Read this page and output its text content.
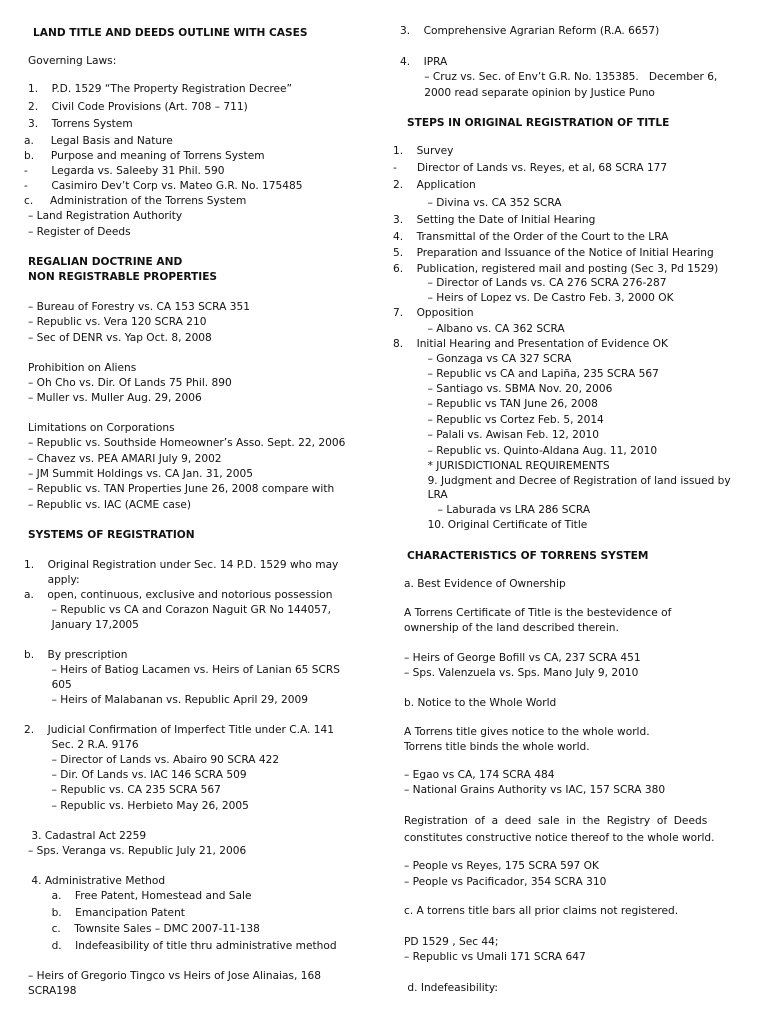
LAND TITLE AND DEEDS OUTLINE WITH CASES
Governing Laws:
1.    P.D. 1529 “The Property Registration Decree”
2.    Civil Code Provisions (Art. 708 – 711)
3.    Torrens System
a.     Legal Basis and Nature
b.     Purpose and meaning of Torrens System
-       Legarda vs. Saleeby 31 Phil. 590
-       Casimiro Dev’t Corp vs. Mateo G.R. No. 175485
c.     Administration of the Torrens System
– Land Registration Authority
– Register of Deeds
REGALIAN DOCTRINE AND
NON REGISTRABLE PROPERTIES
– Bureau of Forestry vs. CA 153 SCRA 351
– Republic vs. Vera 120 SCRA 210
– Sec of DENR vs. Yap Oct. 8, 2008
Prohibition on Aliens
– Oh Cho vs. Dir. Of Lands 75 Phil. 890
– Muller vs. Muller Aug. 29, 2006
Limitations on Corporations
– Republic vs. Southside Homeowner’s Asso. Sept. 22, 2006
– Chavez vs. PEA AMARI July 9, 2002
– JM Summit Holdings vs. CA Jan. 31, 2005
– Republic vs. TAN Properties June 26, 2008 compare with
– Republic vs. IAC (ACME case)
SYSTEMS OF REGISTRATION
1.    Original Registration under Sec. 14 P.D. 1529 who may
apply:
a.    open, continuous, exclusive and notorious possession
– Republic vs CA and Corazon Naguit GR No 144057,
January 17,2005
b.    By prescription
– Heirs of Batiog Lacamen vs. Heirs of Lanian 65 SCRS
605
– Heirs of Malabanan vs. Republic April 29, 2009
2.    Judicial Confirmation of Imperfect Title under C.A. 141
Sec. 2 R.A. 9176
– Director of Lands vs. Abairo 90 SCRA 422
– Dir. Of Lands vs. IAC 146 SCRA 509
– Republic vs. CA 235 SCRA 567
– Republic vs. Herbieto May 26, 2005
3. Cadastral Act 2259
– Sps. Veranga vs. Republic July 21, 2006
4. Administrative Method
a.    Free Patent, Homestead and Sale
b.    Emancipation Patent
c.    Townsite Sales – DMC 2007-11-138
d.    Indefeasibility of title thru administrative method
– Heirs of Gregorio Tingco vs Heirs of Jose Alinaias, 168
SCRA198
3.    Comprehensive Agrarian Reform (R.A. 6657)
4.    IPRA
– Cruz vs. Sec. of Env’t G.R. No. 135385.   December 6,
2000 read separate opinion by Justice Puno
STEPS IN ORIGINAL REGISTRATION OF TITLE
1.    Survey
-      Director of Lands vs. Reyes, et al, 68 SCRA 177
2.    Application
– Divina vs. CA 352 SCRA
3.    Setting the Date of Initial Hearing
4.    Transmittal of the Order of the Court to the LRA
5.    Preparation and Issuance of the Notice of Initial Hearing
6.    Publication, registered mail and posting (Sec 3, Pd 1529)
– Director of Lands vs. CA 276 SCRA 276-287
– Heirs of Lopez vs. De Castro Feb. 3, 2000 OK
7.    Opposition
– Albano vs. CA 362 SCRA
8.    Initial Hearing and Presentation of Evidence OK
– Gonzaga vs CA 327 SCRA
– Republic vs CA and Lapiña, 235 SCRA 567
– Santiago vs. SBMA Nov. 20, 2006
– Republic vs TAN June 26, 2008
– Republic vs Cortez Feb. 5, 2014
– Palali vs. Awisan Feb. 12, 2010
– Republic vs. Quinto-Aldana Aug. 11, 2010
* JURISDICTIONAL REQUIREMENTS
9. Judgment and Decree of Registration of land issued by
LRA
– Laburada vs LRA 286 SCRA
10. Original Certificate of Title
CHARACTERISTICS OF TORRENS SYSTEM
a. Best Evidence of Ownership
A Torrens Certificate of Title is the bestevidence of
ownership of the land described therein.
– Heirs of George Bofill vs CA, 237 SCRA 451
– Sps. Valenzuela vs. Sps. Mano July 9, 2010
b. Notice to the Whole World
A Torrens title gives notice to the whole world.
Torrens title binds the whole world.
– Egao vs CA, 174 SCRA 484
– National Grains Authority vs IAC, 157 SCRA 380
Registration  of  a  deed  sale  in  the  Registry  of  Deeds
constitutes constructive notice thereof to the whole world.
– People vs Reyes, 175 SCRA 597 OK
– People vs Pacificador, 354 SCRA 310
c. A torrens title bars all prior claims not registered.
PD 1529 , Sec 44;
– Republic vs Umali 171 SCRA 647
d. Indefeasibility:
